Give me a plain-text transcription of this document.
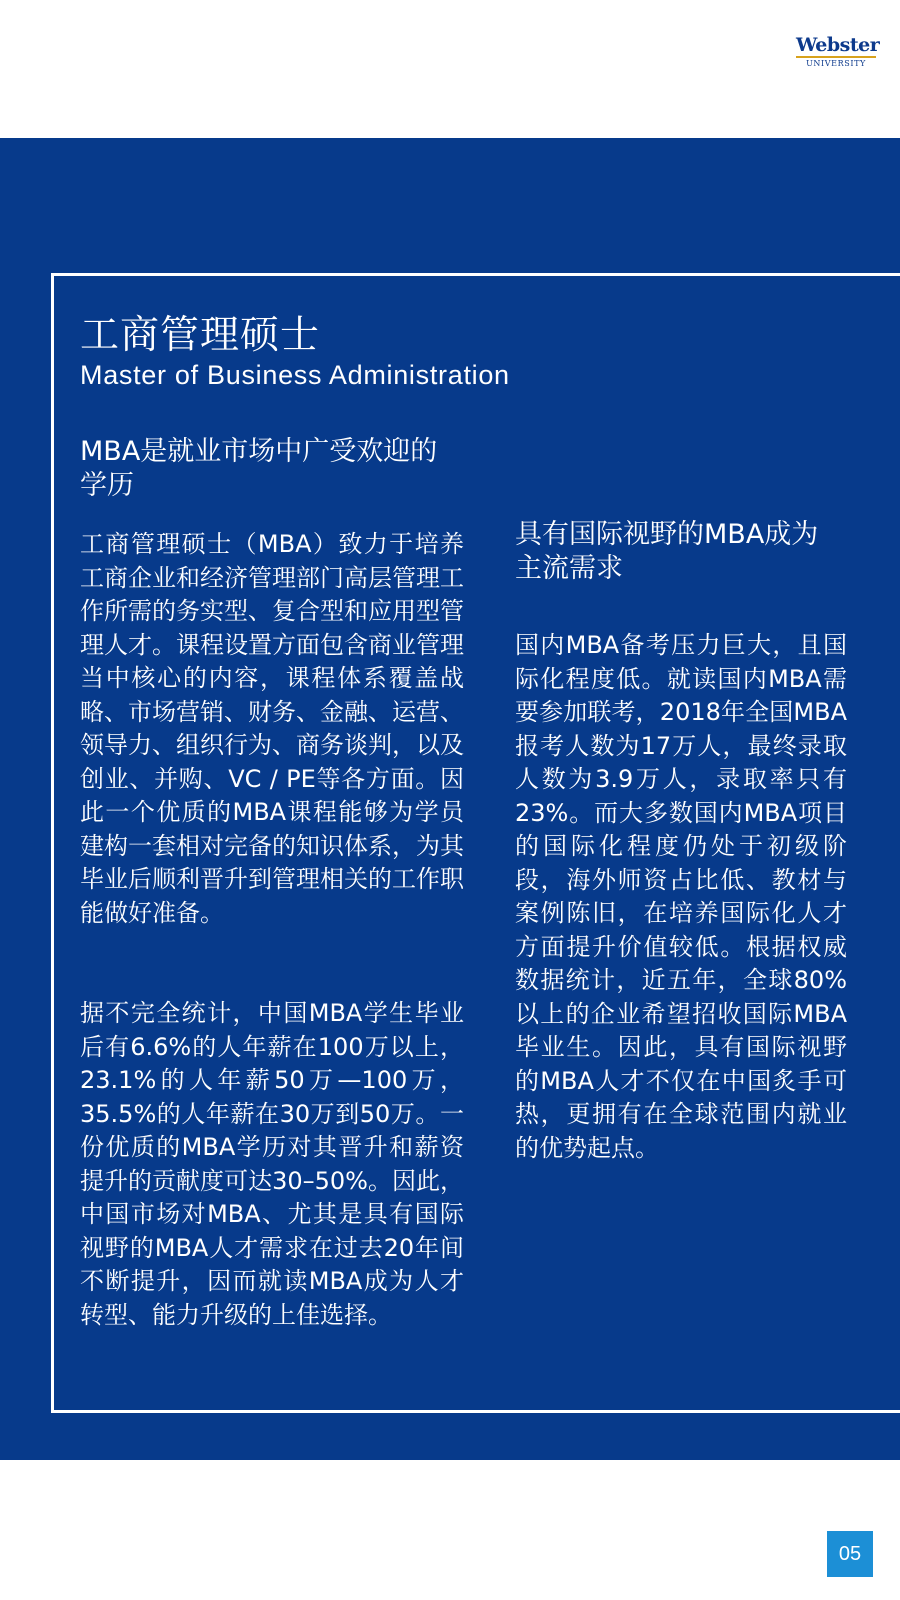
Webster
UNIVERSITY
工商管理硕士
Master of Business Administration
MBA是就业市场中广受欢迎的学历

工商管理硕士（MBA）致力于培养工商企业和经济管理部门高层管理工作所需的务实型、复合型和应用型管理人才。课程设置方面包含商业管理当中核心的内容，课程体系覆盖战略、市场营销、财务、金融、运营、领导力、组织行为、商务谈判，以及创业、并购、VC / PE等各方面。因此一个优质的MBA课程能够为学员建构一套相对完备的知识体系，为其毕业后顺利晋升到管理相关的工作职能做好准备。

据不完全统计，中国MBA学生毕业后有6.6%的人年薪在100万以上，23.1%的人年薪50万—100万，35.5%的人年薪在30万到50万。一份优质的MBA学历对其晋升和薪资提升的贡献度可达30–50%。因此，中国市场对MBA、尤其是具有国际视野的MBA人才需求在过去20年间不断提升，因而就读MBA成为人才转型、能力升级的上佳选择。

具有国际视野的MBA成为主流需求

国内MBA备考压力巨大，且国际化程度低。就读国内MBA需要参加联考，2018年全国MBA报考人数为17万人，最终录取人数为3.9万人，录取率只有23%。而大多数国内MBA项目的国际化程度仍处于初级阶段，海外师资占比低、教材与案例陈旧，在培养国际化人才方面提升价值较低。根据权威数据统计，近五年，全球80%以上的企业希望招收国际MBA毕业生。因此，具有国际视野的MBA人才不仅在中国炙手可热，更拥有在全球范围内就业的优势起点。

05
